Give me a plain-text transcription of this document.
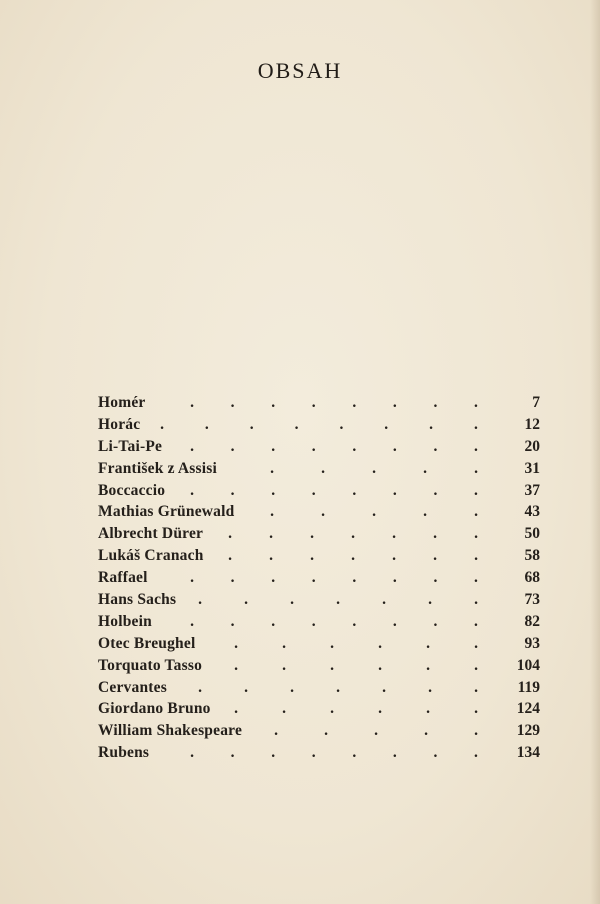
OBSAH
Homér	. . . . . . . .	7
Horác .	.	.	.	.	.	.	.	12
Li-Tai-Pe . . . . . . . .	20
František z Assisi	.	.	.	.	.	31
Boccaccio . . . . . . . .	37
Mathias Grünewald .	.	.	.	.	43
Albrecht Dürer . . . . . . .	50
Lukáš Cranach . . . . . . .	58
Raffael	. . . . . . . .	68
Hans Sachs .	.	.	.	.	.	.	73
Holbein . . . . . . . .	82
Otec Breughel .	.	.	.	.	.	93
Torquato Tasso .	.	.	.	.	.	104
Cervantes .	.	.	.	.	.	.	119
Giordano Bruno .	.	.	.	.	.	124
William Shakespeare .	.	.	.	.	129
Rubens	. . . . . . . .	134
